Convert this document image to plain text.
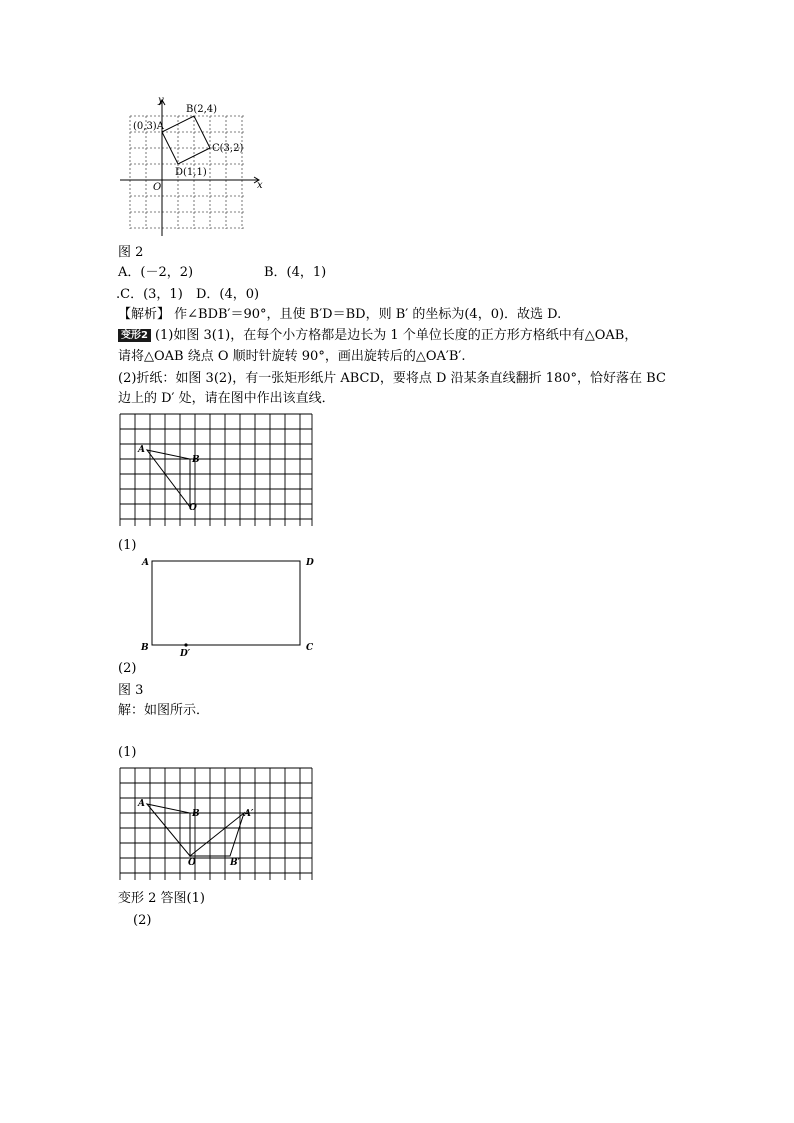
y
x
O
(0,3)A
B(2,4)
C(3,2)
D(1,1)
图 2
A．(－2，2)	B．(4，1)
.C．(3，1) D．(4，0)
【解析】 作∠BDB′＝90°，且使 B′D＝BD，则 B′ 的坐标为(4，0)．故选 D.
变形2 (1)如图 3(1)，在每个小方格都是边长为 1 个单位长度的正方形方格纸中有△OAB，
请将△OAB 绕点 O 顺时针旋转 90°，画出旋转后的△OA′B′.
(2)折纸：如图 3(2)，有一张矩形纸片 ABCD，要将点 D 沿某条直线翻折 180°，恰好落在 BC
边上的 D′ 处，请在图中作出该直线．
A
B
O
(1)
A	D
B	C
D′
(2)
图 3
解：如图所示．
(1)
A
B
O
A′
B′
变形 2 答图(1)
(2)
